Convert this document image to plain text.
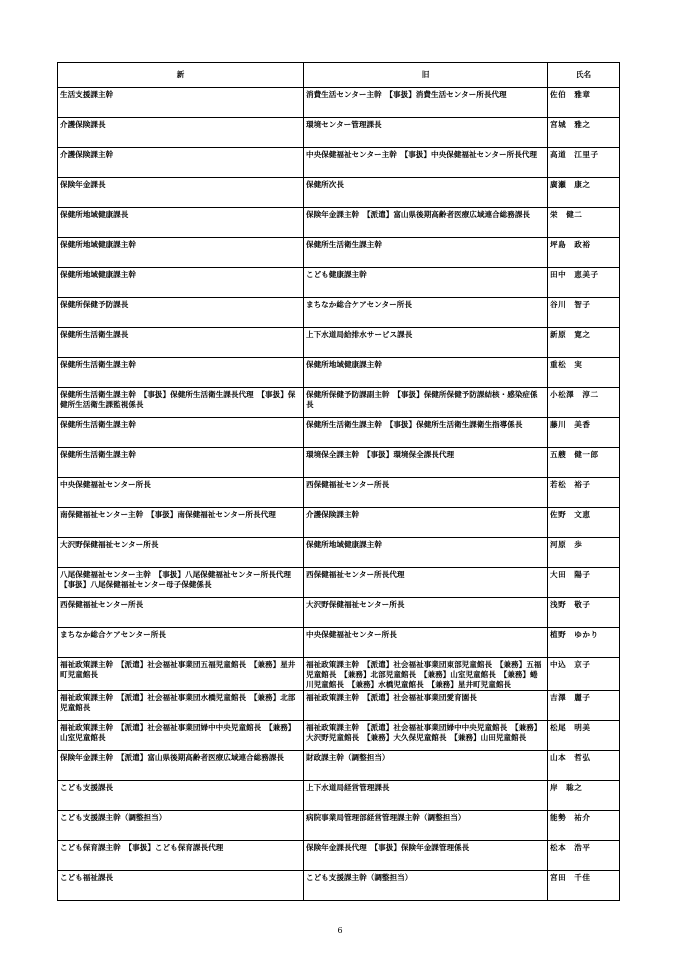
新	旧	氏名
生活支援課主幹	消費生活センター主幹　【事扱】消費生活センター所長代理	佐伯　雅章
介護保険課長	環境センター管理課長	宮城　雅之
介護保険課主幹	中央保健福祉センター主幹　【事扱】中央保健福祉センター所長代理	高道　江里子
保険年金課長	保健所次長	廣瀬　康之
保健所地域健康課長	保険年金課主幹　【派遣】富山県後期高齢者医療広域連合総務課長	栄　健二
保健所地域健康課主幹	保健所生活衛生課主幹	坪島　政裕
保健所地域健康課主幹	こども健康課主幹	田中　恵美子
保健所保健予防課長	まちなか総合ケアセンター所長	谷川　智子
保健所生活衛生課長	上下水道局給排水サービス課長	新原　寛之
保健所生活衛生課主幹	保健所地域健康課主幹	重松　実
保健所生活衛生課主幹　【事扱】保健所生活衛生課長代理　【事扱】保健所生活衛生課監視係長	保健所保健予防課副主幹　【事扱】保健所保健予防課結核・感染症係長	小松澤　淳二
保健所生活衛生課主幹	保健所生活衛生課主幹　【事扱】保健所生活衛生課衛生指導係長	藤川　美香
保健所生活衛生課主幹	環境保全課主幹　【事扱】環境保全課長代理	五艘　健一郎
中央保健福祉センター所長	西保健福祉センター所長	若松　裕子
南保健福祉センター主幹　【事扱】南保健福祉センター所長代理	介護保険課主幹	佐野　文恵
大沢野保健福祉センター所長	保健所地域健康課主幹	河原　歩
八尾保健福祉センター主幹　【事扱】八尾保健福祉センター所長代理　【事扱】八尾保健福祉センター母子保健係長	西保健福祉センター所長代理	大田　陽子
西保健福祉センター所長	大沢野保健福祉センター所長	浅野　敬子
まちなか総合ケアセンター所長	中央保健福祉センター所長	植野　ゆかり
福祉政策課主幹　【派遣】社会福祉事業団五福児童館長　【兼務】星井町児童館長	福祉政策課主幹　【派遣】社会福祉事業団東部児童館長　【兼務】五福児童館長　【兼務】北部児童館長　【兼務】山室児童館長　【兼務】蜷川児童館長　【兼務】水橋児童館長　【兼務】星井町児童館長	中込　京子
福祉政策課主幹　【派遣】社会福祉事業団水橋児童館長　【兼務】北部児童館長	福祉政策課主幹　【派遣】社会福祉事業団愛育園長	吉澤　麗子
福祉政策課主幹　【派遣】社会福祉事業団婦中中央児童館長　【兼務】山室児童館長	福祉政策課主幹　【派遣】社会福祉事業団婦中中央児童館長　【兼務】大沢野児童館長　【兼務】大久保児童館長　【兼務】山田児童館長	松尾　明美
保険年金課主幹　【派遣】富山県後期高齢者医療広域連合総務課長	財政課主幹（調整担当）	山本　哲弘
こども支援課長	上下水道局経営管理課長	岸　聡之
こども支援課主幹（調整担当）	病院事業局管理部経営管理課主幹（調整担当）	能勢　祐介
こども保育課主幹　【事扱】こども保育課長代理	保険年金課長代理　【事扱】保険年金課管理係長	松本　浩平
こども福祉課長	こども支援課主幹（調整担当）	宮田　千佳
6
